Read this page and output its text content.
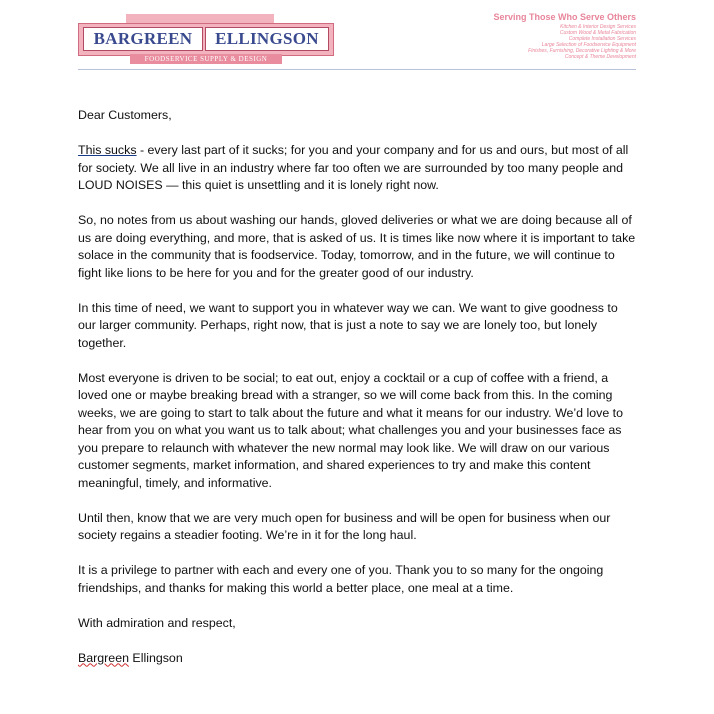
BARGREEN	ELLINGSON
FOODSERVICE SUPPLY & DESIGN
Serving Those Who Serve Others
Kitchen & Interior Design Services
Custom Wood & Metal Fabrication
Complete Installation Services
Large Selection of Foodservice Equipment
Finishes, Furnishing, Decorative Lighting & More
Concept & Theme Development

Dear Customers,

This sucks - every last part of it sucks; for you and your company and for us and ours, but most of all for society. We all live in an industry where far too often we are surrounded by too many people and LOUD NOISES — this quiet is unsettling and it is lonely right now.

So, no notes from us about washing our hands, gloved deliveries or what we are doing because all of us are doing everything, and more, that is asked of us. It is times like now where it is important to take solace in the community that is foodservice. Today, tomorrow, and in the future, we will continue to fight like lions to be here for you and for the greater good of our industry.

In this time of need, we want to support you in whatever way we can. We want to give goodness to our larger community. Perhaps, right now, that is just a note to say we are lonely too, but lonely together.

Most everyone is driven to be social; to eat out, enjoy a cocktail or a cup of coffee with a friend, a loved one or maybe breaking bread with a stranger, so we will come back from this. In the coming weeks, we are going to start to talk about the future and what it means for our industry. We’d love to hear from you on what you want us to talk about; what challenges you and your businesses face as you prepare to relaunch with whatever the new normal may look like. We will draw on our various customer segments, market information, and shared experiences to try and make this content meaningful, timely, and informative.

Until then, know that we are very much open for business and will be open for business when our society regains a steadier footing. We’re in it for the long haul.

It is a privilege to partner with each and every one of you. Thank you to so many for the ongoing friendships, and thanks for making this world a better place, one meal at a time.

With admiration and respect,

Bargreen Ellingson
